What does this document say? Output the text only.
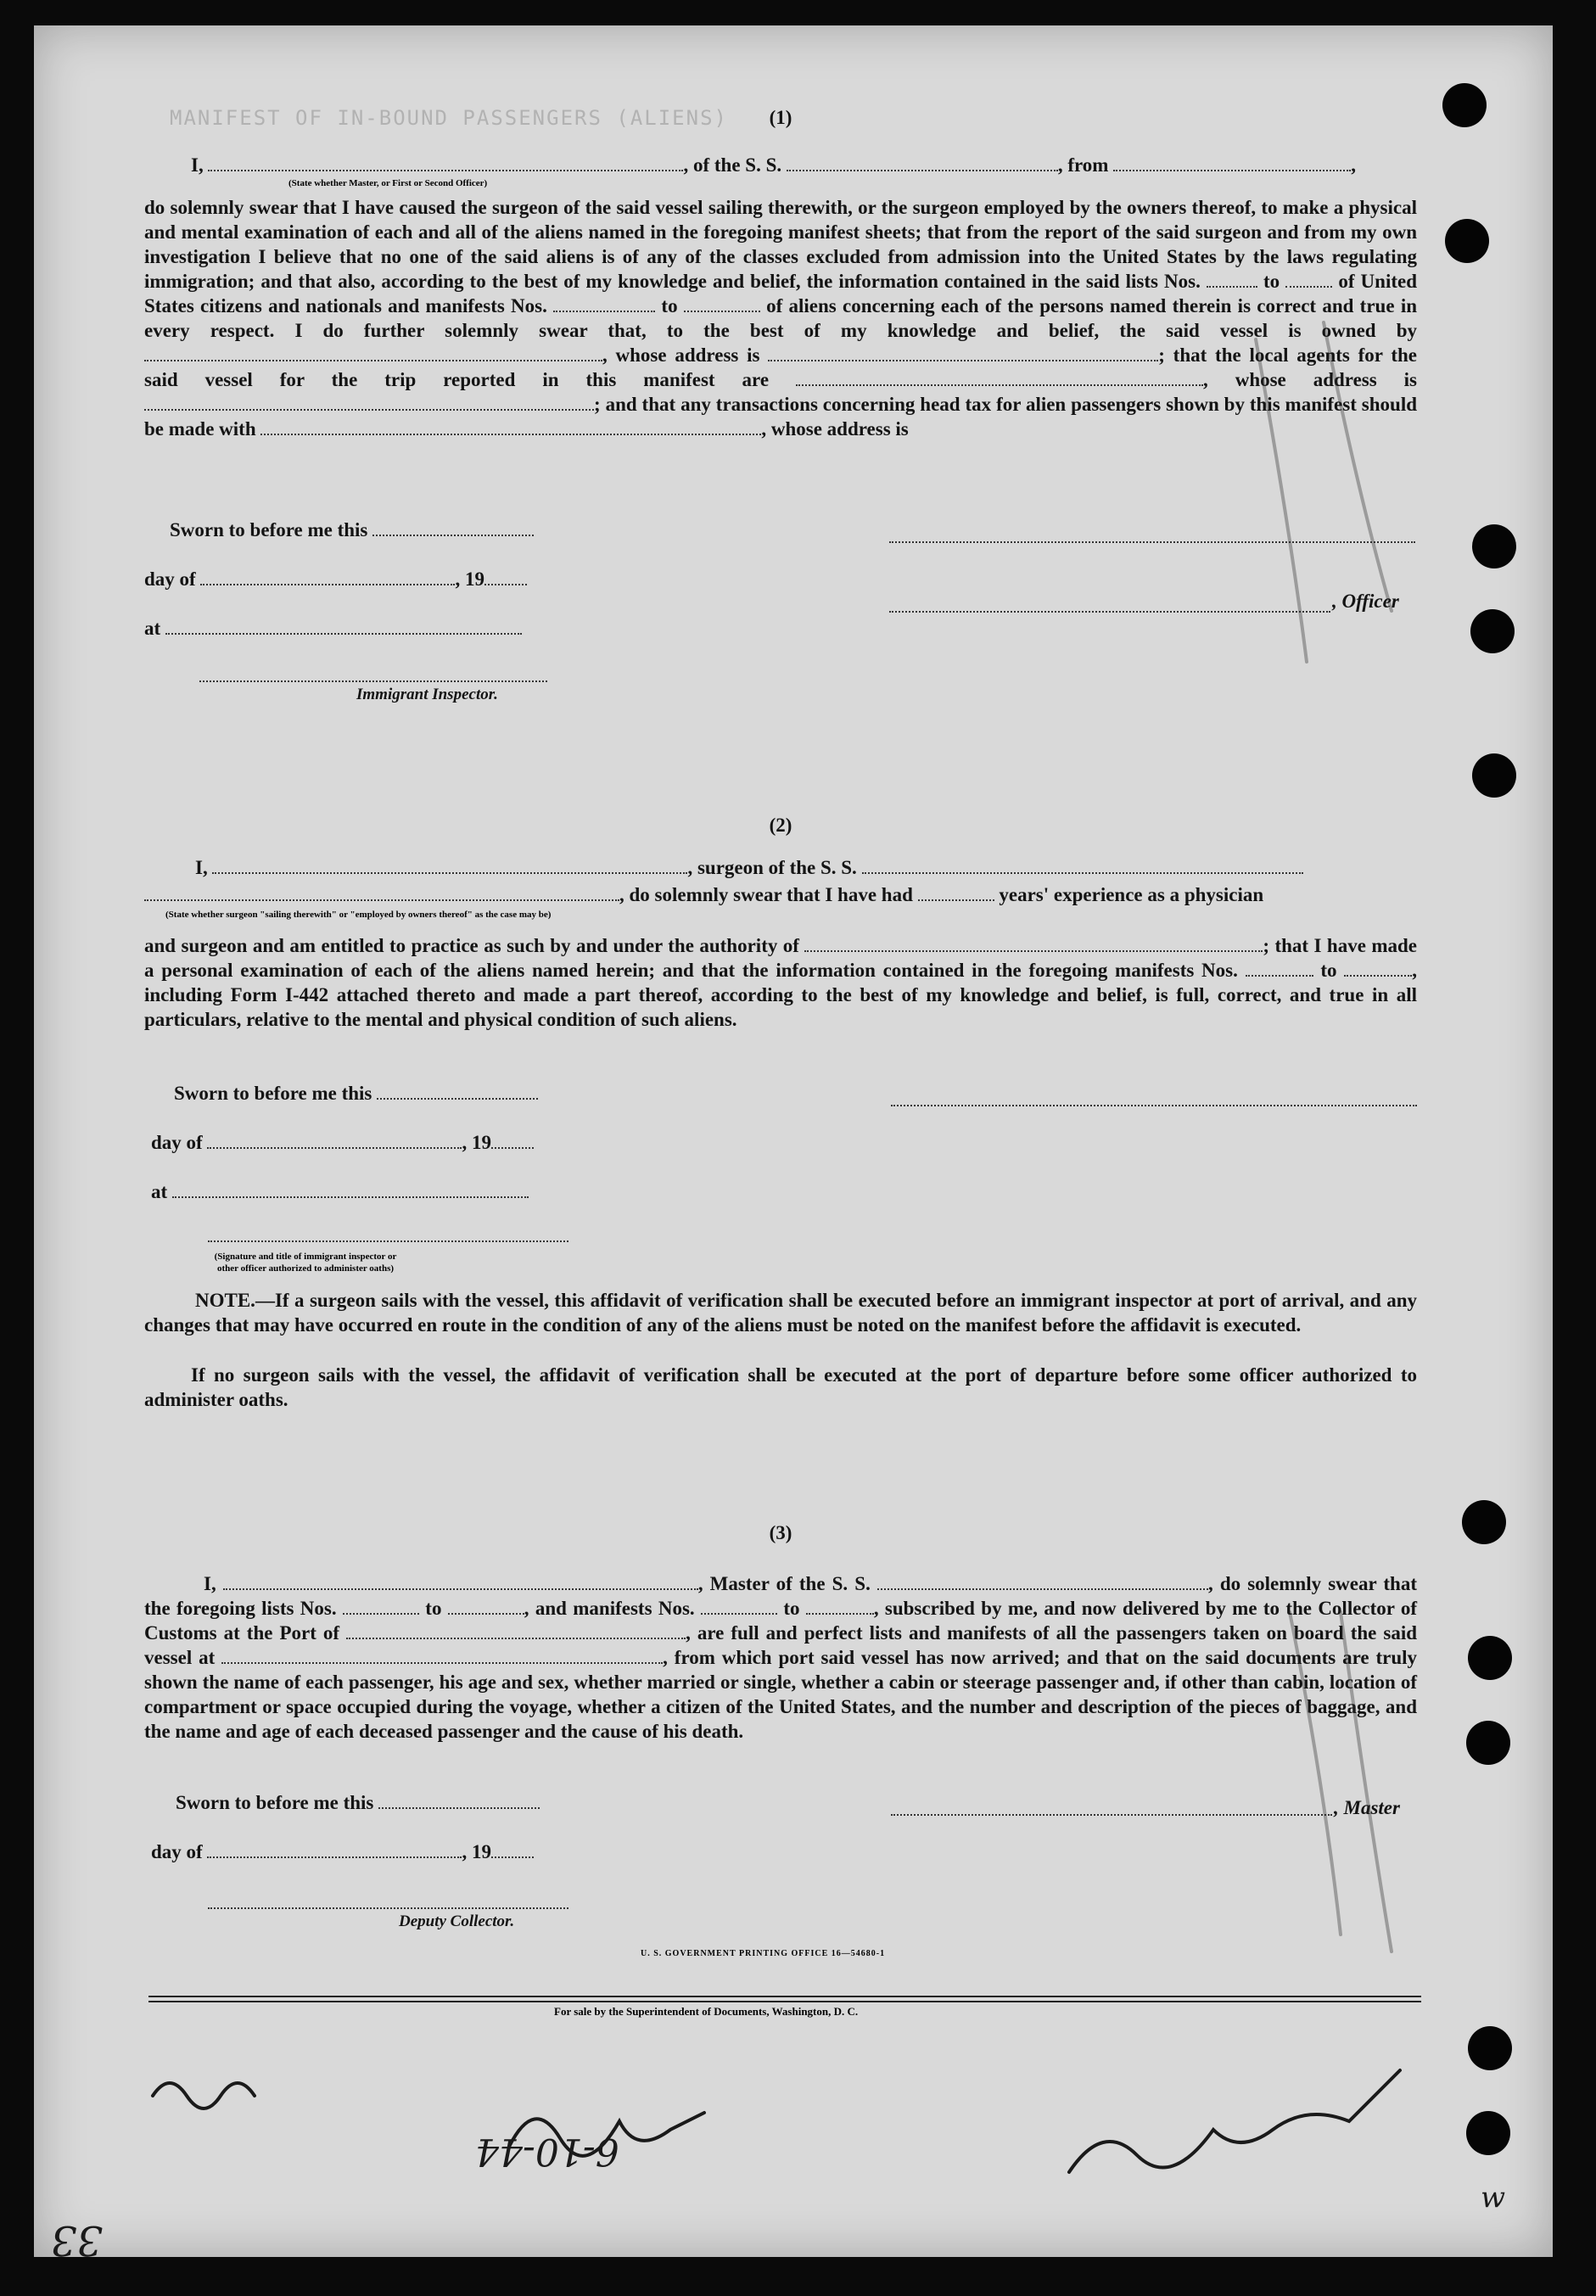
MANIFEST OF IN-BOUND PASSENGERS (ALIENS)	(1)
I,	, of the S. S.	, from	,
(State whether Master, or First or Second Officer)
do solemnly swear that I have caused the surgeon of the said vessel sailing therewith, or the surgeon employed by the owners thereof, to make a physical and mental examination of each and all of the aliens named in the foregoing manifest sheets; that from the report of the said surgeon and from my own investigation I believe that no one of the said aliens is of any of the classes excluded from admission into the United States by the laws regulating immigration; and that also, according to the best of my knowledge and belief, the information contained in the said lists Nos.	to	of United States citizens and nationals and manifests Nos.	to	of aliens concerning each of the persons named therein is correct and true in every respect. I do further solemnly swear that, to the best of my knowledge and belief, the said vessel is owned by , whose address is	; that the local agents for the said vessel for the trip reported in this manifest are	, whose address is ; and that any transactions concerning head tax for alien passengers shown by this manifest should be made with	, whose address is
Sworn to before me this
day of	, 19
at
Immigrant Inspector.
, Officer
(2)
I,	, surgeon of the S. S.
, do solemnly swear that I have had	years' experience as a physician
(State whether surgeon "sailing therewith" or "employed by owners thereof" as the case may be)
and surgeon and am entitled to practice as such by and under the authority of	; that I have made a personal examination of each of the aliens named herein; and that the information contained in the foregoing manifests Nos.	to	, including Form I-442 attached thereto and made a part thereof, according to the best of my knowledge and belief, is full, correct, and true in all particulars, relative to the mental and physical condition of such aliens.
Sworn to before me this
day of	, 19
at
(Signature and title of immigrant inspector or other officer authorized to administer oaths)
NOTE.—If a surgeon sails with the vessel, this affidavit of verification shall be executed before an immigrant inspector at port of arrival, and any changes that may have occurred en route in the condition of any of the aliens must be noted on the manifest before the affidavit is executed.
If no surgeon sails with the vessel, the affidavit of verification shall be executed at the port of departure before some officer authorized to administer oaths.
(3)
I,	, Master of the S. S.	, do solemnly swear that the foregoing lists Nos.	to	, and manifests Nos.	to	, subscribed by me, and now delivered by me to the Collector of Customs at the Port of	, are full and perfect lists and manifests of all the passengers taken on board the said vessel at	, from which port said vessel has now arrived; and that on the said documents are truly shown the name of each passenger, his age and sex, whether married or single, whether a cabin or steerage passenger and, if other than cabin, location of compartment or space occupied during the voyage, whether a citizen of the United States, and the number and description of the pieces of baggage, and the name and age of each deceased passenger and the cause of his death.
Sworn to before me this	, Master
day of	, 19
Deputy Collector.
U. S. GOVERNMENT PRINTING OFFICE 16—54680-1
For sale by the Superintendent of Documents, Washington, D. C.
33
6-10-44
w
